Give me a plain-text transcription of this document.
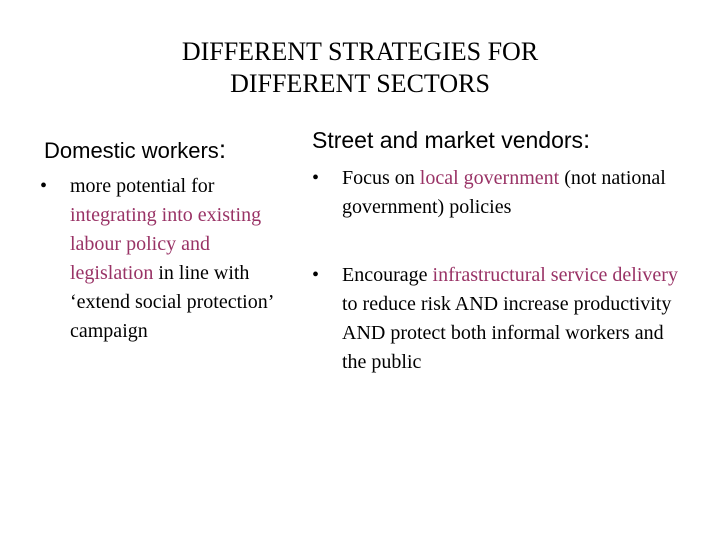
DIFFERENT STRATEGIES FOR
DIFFERENT SECTORS
Domestic workers:	Street and market vendors:
• more potential for integrating into existing labour policy and legislation in line with ‘extend social protection’ campaign
• Focus on local government (not national government) policies
• Encourage infrastructural service delivery to reduce risk AND increase productivity AND protect both informal workers and the public
